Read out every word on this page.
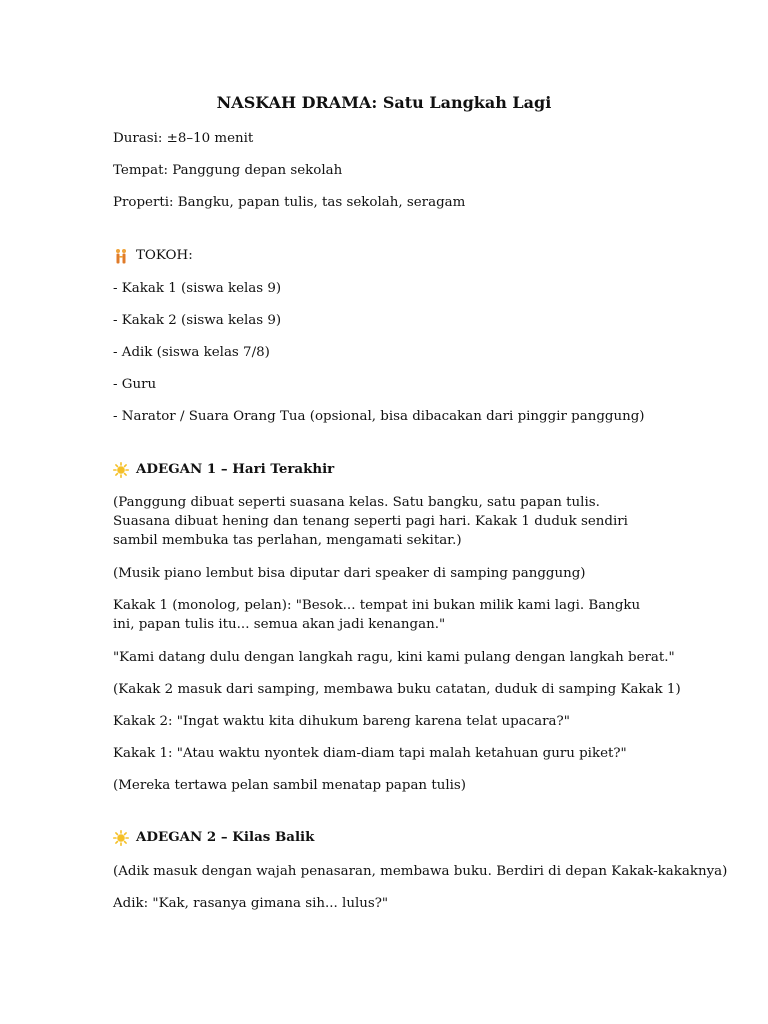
NASKAH DRAMA: Satu Langkah Lagi

Durasi: ±8–10 menit

Tempat: Panggung depan sekolah

Properti: Bangku, papan tulis, tas sekolah, seragam

TOKOH:

- Kakak 1 (siswa kelas 9)

- Kakak 2 (siswa kelas 9)

- Adik (siswa kelas 7/8)

- Guru

- Narator / Suara Orang Tua (opsional, bisa dibacakan dari pinggir panggung)

ADEGAN 1 – Hari Terakhir

(Panggung dibuat seperti suasana kelas. Satu bangku, satu papan tulis. Suasana dibuat hening dan tenang seperti pagi hari. Kakak 1 duduk sendiri sambil membuka tas perlahan, mengamati sekitar.)

(Musik piano lembut bisa diputar dari speaker di samping panggung)

Kakak 1 (monolog, pelan): "Besok... tempat ini bukan milik kami lagi. Bangku ini, papan tulis itu... semua akan jadi kenangan."

"Kami datang dulu dengan langkah ragu, kini kami pulang dengan langkah berat."

(Kakak 2 masuk dari samping, membawa buku catatan, duduk di samping Kakak 1)

Kakak 2: "Ingat waktu kita dihukum bareng karena telat upacara?"

Kakak 1: "Atau waktu nyontek diam-diam tapi malah ketahuan guru piket?"

(Mereka tertawa pelan sambil menatap papan tulis)

ADEGAN 2 – Kilas Balik

(Adik masuk dengan wajah penasaran, membawa buku. Berdiri di depan Kakak-kakaknya)

Adik: "Kak, rasanya gimana sih... lulus?"
